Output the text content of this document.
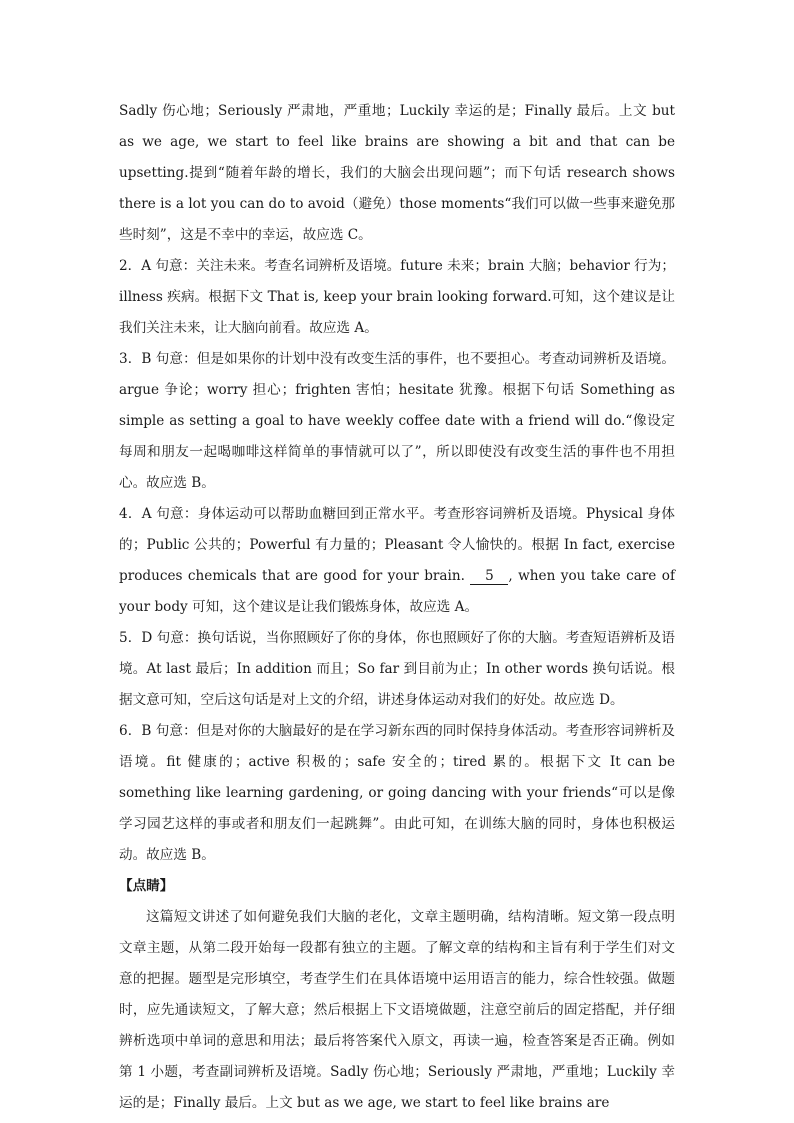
Sadly 伤心地；Seriously 严肃地，严重地；Luckily 幸运的是；Finally 最后。上文 but as we age, we start to feel like brains are showing a bit and that can be upsetting.提到“随着年龄的增长，我们的大脑会出现问题”；而下句话 research shows there is a lot you can do to avoid（避免）those moments“我们可以做一些事来避免那些时刻”，这是不幸中的幸运，故应选 C。

2．A 句意：关注未来。考查名词辨析及语境。future 未来；brain 大脑；behavior 行为；illness 疾病。根据下文 That is, keep your brain looking forward.可知，这个建议是让我们关注未来，让大脑向前看。故应选 A。

3．B 句意：但是如果你的计划中没有改变生活的事件，也不要担心。考查动词辨析及语境。argue 争论；worry 担心；frighten 害怕；hesitate 犹豫。根据下句话 Something as simple as setting a goal to have weekly coffee date with a friend will do.“像设定每周和朋友一起喝咖啡这样简单的事情就可以了”，所以即使没有改变生活的事件也不用担心。故应选 B。

4．A 句意：身体运动可以帮助血糖回到正常水平。考查形容词辨析及语境。Physical 身体的；Public 公共的；Powerful 有力量的；Pleasant 令人愉快的。根据 In fact, exercise produces chemicals that are good for your brain. 5 , when you take care of your body 可知，这个建议是让我们锻炼身体，故应选 A。

5．D 句意：换句话说，当你照顾好了你的身体，你也照顾好了你的大脑。考查短语辨析及语境。At last 最后；In addition 而且；So far 到目前为止；In other words 换句话说。根据文意可知，空后这句话是对上文的介绍，讲述身体运动对我们的好处。故应选 D。

6．B 句意：但是对你的大脑最好的是在学习新东西的同时保持身体活动。考查形容词辨析及语境。fit 健康的；active 积极的；safe 安全的；tired 累的。根据下文 It can be something like learning gardening, or going dancing with your friends“可以是像学习园艺这样的事或者和朋友们一起跳舞”。由此可知，在训练大脑的同时，身体也积极运动。故应选 B。

【点睛】

这篇短文讲述了如何避免我们大脑的老化，文章主题明确，结构清晰。短文第一段点明文章主题，从第二段开始每一段都有独立的主题。了解文章的结构和主旨有利于学生们对文意的把握。题型是完形填空，考查学生们在具体语境中运用语言的能力，综合性较强。做题时，应先通读短文，了解大意；然后根据上下文语境做题，注意空前后的固定搭配，并仔细辨析选项中单词的意思和用法；最后将答案代入原文，再读一遍，检查答案是否正确。例如第 1 小题，考查副词辨析及语境。Sadly 伤心地；Seriously 严肃地，严重地；Luckily 幸运的是；Finally 最后。上文 but as we age, we start to feel like brains are
